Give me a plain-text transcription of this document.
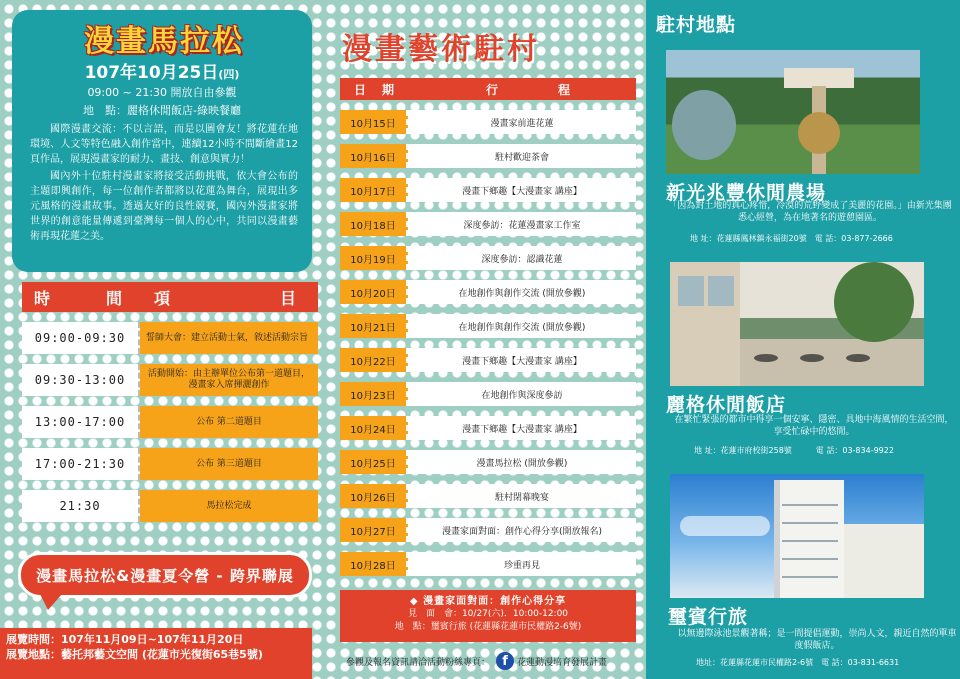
漫畫馬拉松
107年10月25日(四)
09:00 ~ 21:30 開放自由參觀
地　點：麗格休閒飯店-綠映餐廳

國際漫畫交流：不以言語，而是以圖會友！將花蓮在地環境、人文等特色融入創作當中，連續12小時不間斷繪畫12頁作品，展現漫畫家的耐力、畫技、創意與實力！

國內外十位駐村漫畫家將接受活動挑戰，依大會公布的主題即興創作，每一位創作者都將以花蓮為舞台，展現出多元風格的漫畫故事。透過友好的良性競賽，國內外漫畫家將世界的創意能量傳遞到臺灣每一個人的心中，共同以漫畫藝術再現花蓮之美。

時	間 項	目
09:00-09:30	誓師大會：建立活動士氣，敘述活動宗旨
09:30-13:00	活動開始：由主辦單位公布第一道題目，漫畫家入席揮灑創作
13:00-17:00	公布 第二道題目
17:00-21:30	公布 第三道題目
21:30	馬拉松完成
漫畫馬拉松&漫畫夏令營 - 跨界聯展
展覽時間：107年11月09日~107年11月20日
展覽地點：藝托邦藝文空間 (花蓮市光復街65巷5號)
漫畫藝術駐村
日 期	行	程
10月15日	漫畫家前進花蓮
10月16日	駐村歡迎茶會
10月17日	漫畫下鄉趣【大漫畫家 講座】
10月18日	深度參訪：花蓮漫畫家工作室
10月19日	深度參訪：認識花蓮
10月20日	在地創作與創作交流 (開放參觀)
10月21日	在地創作與創作交流 (開放參觀)
10月22日	漫畫下鄉趣【大漫畫家 講座】
10月23日	在地創作與深度參訪
10月24日	漫畫下鄉趣【大漫畫家 講座】
10月25日	漫畫馬拉松 (開放參觀)
10月26日	駐村閉幕晚宴
10月27日	漫畫家面對面：創作心得分享(開放報名)
10月28日	珍重再見
◆ 漫畫家面對面：創作心得分享
見　面　會：10/27(六)．10:00-12:00
地　點：璽賓行旅 (花蓮縣花蓮市民權路2-6號)
參觀及報名資訊請洽活動粉絲專頁： f	花蓮動漫培育發展計畫
駐村地點
新光兆豐休閒農場
「因為對土地的真心疼惜，冷漠的荒野變成了美麗的花園。」由新光集團悉心經營，為在地著名的遊憩園區。
地 址：花蓮縣鳳林鎮永福街20號　電 話：03-877-2666
麗格休閒飯店
在繁忙緊張的都市中得享一個安寧、隱密、具地中海風情的生活空間，享受忙碌中的悠閒。
地 址：花蓮市府校街258號　　　電 話：03-834-9922
璽賓行旅
以無邊際泳池景觀著稱；是一間提倡運動，崇尚人文，親近自然的單車度假飯店。
地址：花蓮縣花蓮市民權路2-6號　電 話：03-831-6631
